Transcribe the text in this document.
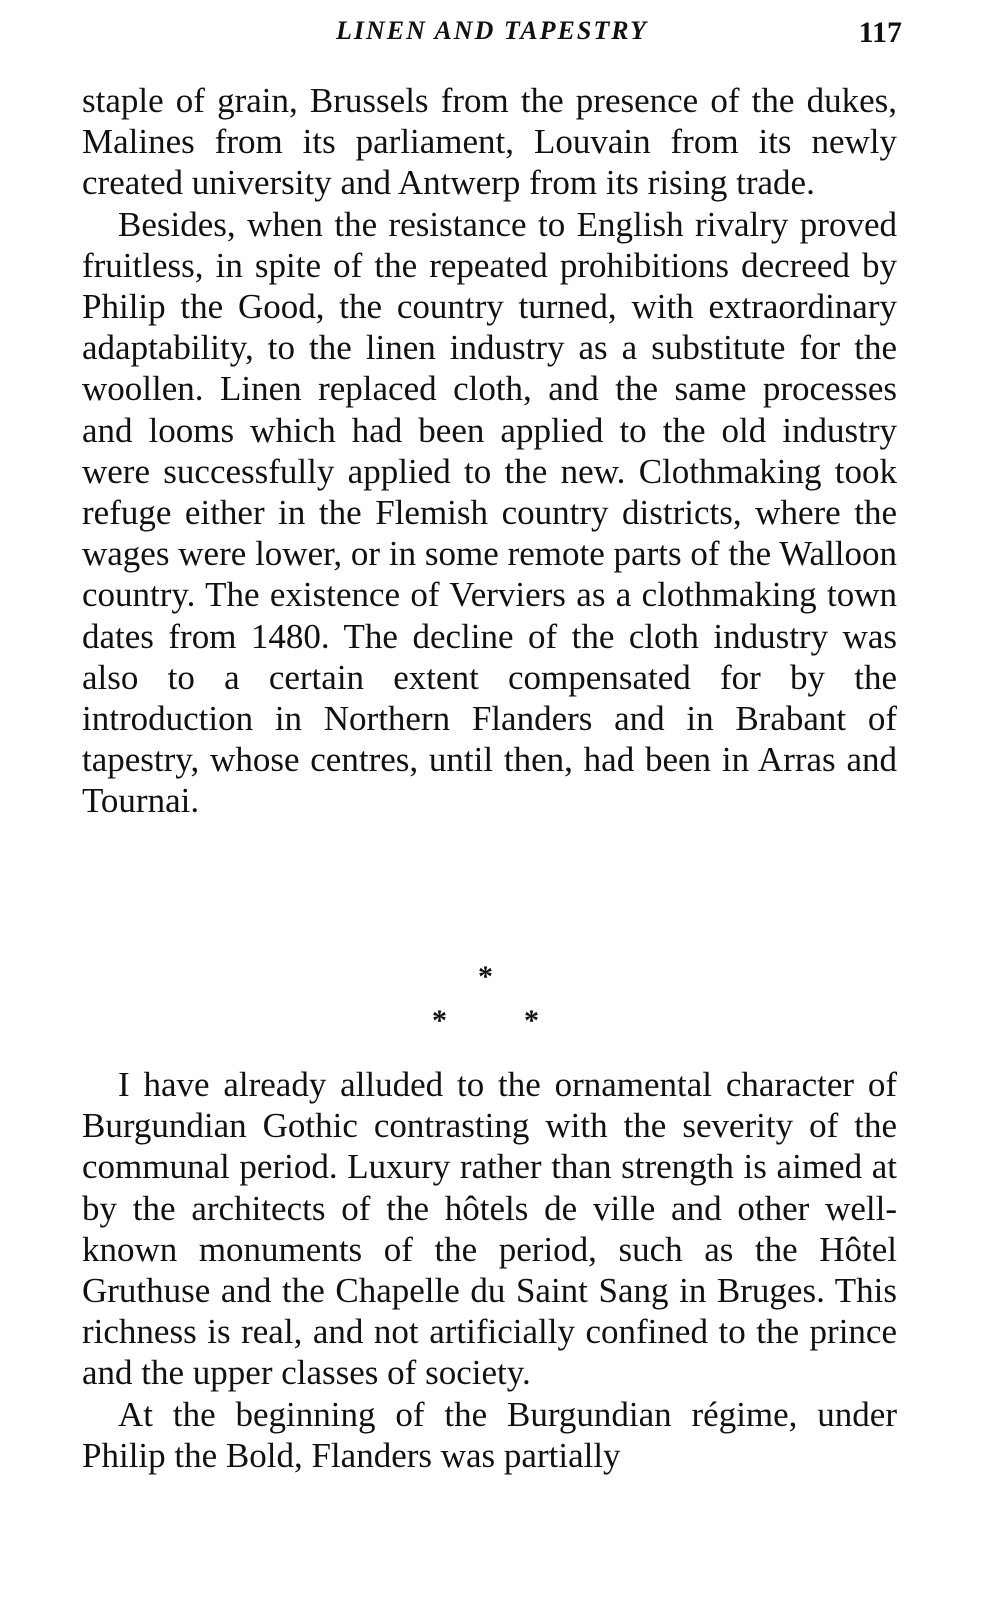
LINEN AND TAPESTRY	117

staple of grain, Brussels from the presence of the dukes, Malines from its parliament, Louvain from its newly created university and Antwerp from its rising trade.

Besides, when the resistance to English rivalry proved fruitless, in spite of the repeated prohibitions decreed by Philip the Good, the country turned, with extraordinary adaptability, to the linen industry as a substitute for the woollen. Linen replaced cloth, and the same processes and looms which had been applied to the old industry were successfully applied to the new. Clothmaking took refuge either in the Flemish country districts, where the wages were lower, or in some remote parts of the Walloon country. The existence of Verviers as a clothmaking town dates from 1480. The decline of the cloth industry was also to a certain extent compensated for by the introduction in Northern Flanders and in Brabant of tapestry, whose centres, until then, had been in Arras and Tournai.

*
*	*

I have already alluded to the ornamental character of Burgundian Gothic contrasting with the severity of the communal period. Luxury rather than strength is aimed at by the architects of the hôtels de ville and other well-known monuments of the period, such as the Hôtel Gruthuse and the Chapelle du Saint Sang in Bruges. This richness is real, and not artificially confined to the prince and the upper classes of society.

At the beginning of the Burgundian régime, under Philip the Bold, Flanders was partially
